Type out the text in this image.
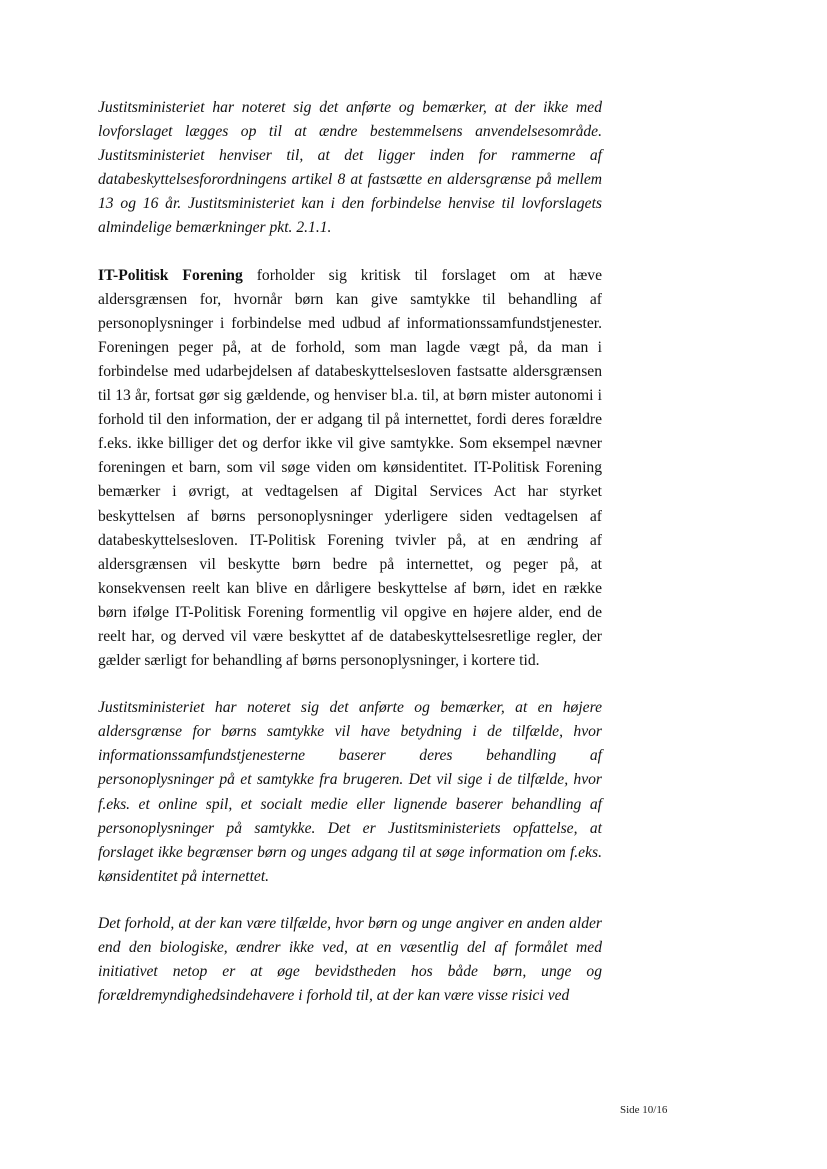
Justitsministeriet har noteret sig det anførte og bemærker, at der ikke med lovforslaget lægges op til at ændre bestemmelsens anvendelsesområde. Justitsministeriet henviser til, at det ligger inden for rammerne af databeskyttelsesforordningens artikel 8 at fastsætte en aldersgrænse på mellem 13 og 16 år. Justitsministeriet kan i den forbindelse henvise til lovforslagets almindelige bemærkninger pkt. 2.1.1.

IT-Politisk Forening forholder sig kritisk til forslaget om at hæve aldersgrænsen for, hvornår børn kan give samtykke til behandling af personoplysninger i forbindelse med udbud af informationssamfundstjenester. Foreningen peger på, at de forhold, som man lagde vægt på, da man i forbindelse med udarbejdelsen af databeskyttelsesloven fastsatte aldersgrænsen til 13 år, fortsat gør sig gældende, og henviser bl.a. til, at børn mister autonomi i forhold til den information, der er adgang til på internettet, fordi deres forældre f.eks. ikke billiger det og derfor ikke vil give samtykke. Som eksempel nævner foreningen et barn, som vil søge viden om kønsidentitet. IT-Politisk Forening bemærker i øvrigt, at vedtagelsen af Digital Services Act har styrket beskyttelsen af børns personoplysninger yderligere siden vedtagelsen af databeskyttelsesloven. IT-Politisk Forening tvivler på, at en ændring af aldersgrænsen vil beskytte børn bedre på internettet, og peger på, at konsekvensen reelt kan blive en dårligere beskyttelse af børn, idet en række børn ifølge IT-Politisk Forening formentlig vil opgive en højere alder, end de reelt har, og derved vil være beskyttet af de databeskyttelsesretlige regler, der gælder særligt for behandling af børns personoplysninger, i kortere tid.

Justitsministeriet har noteret sig det anførte og bemærker, at en højere aldersgrænse for børns samtykke vil have betydning i de tilfælde, hvor informationssamfundstjenesterne baserer deres behandling af personoplysninger på et samtykke fra brugeren. Det vil sige i de tilfælde, hvor f.eks. et online spil, et socialt medie eller lignende baserer behandling af personoplysninger på samtykke. Det er Justitsministeriets opfattelse, at forslaget ikke begrænser børn og unges adgang til at søge information om f.eks. kønsidentitet på internettet.

Det forhold, at der kan være tilfælde, hvor børn og unge angiver en anden alder end den biologiske, ændrer ikke ved, at en væsentlig del af formålet med initiativet netop er at øge bevidstheden hos både børn, unge og forældremyndighedsindehavere i forhold til, at der kan være visse risici ved

Side 10/16
